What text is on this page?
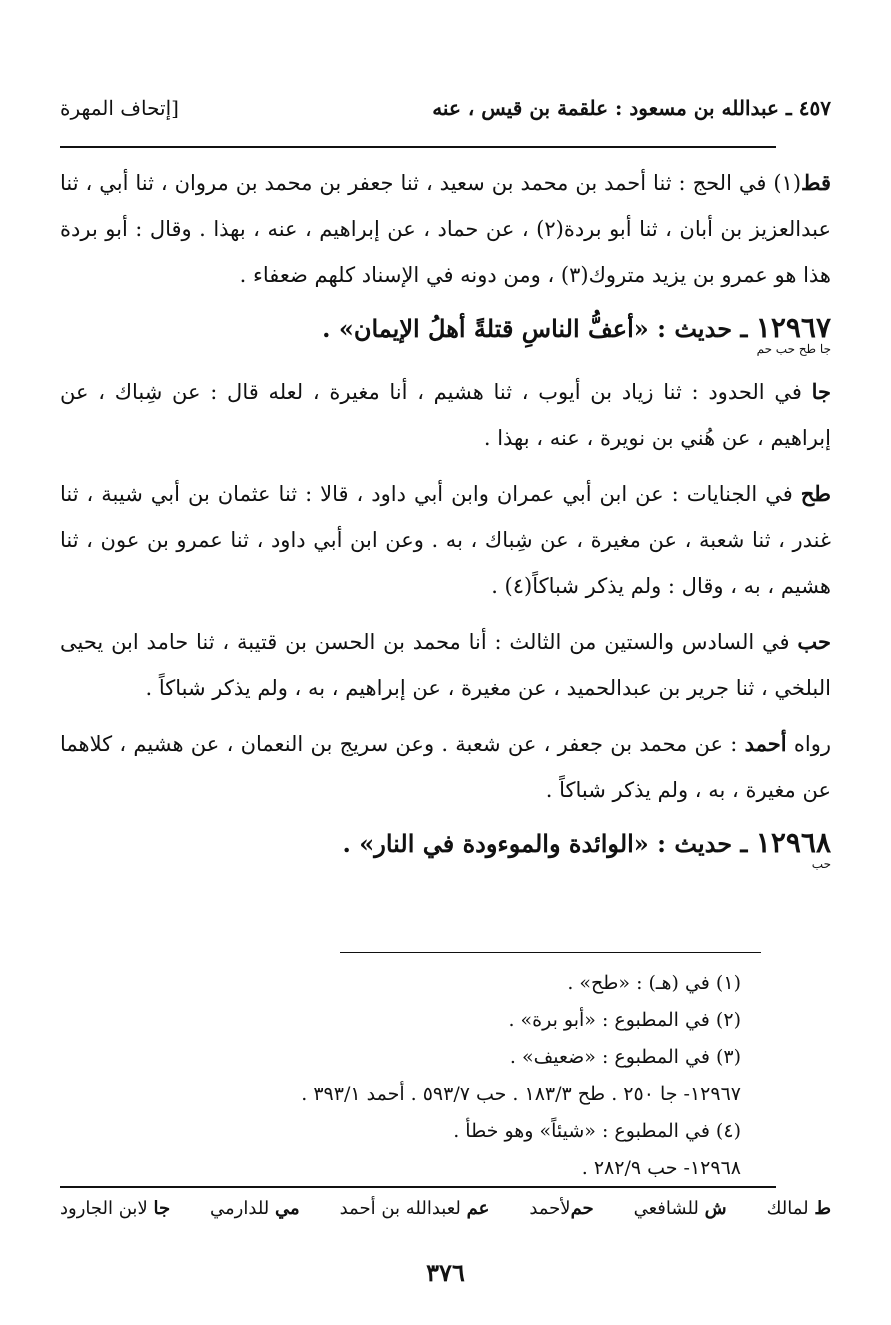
٤٥٧ ـ عبدالله بن مسعود : علقمة بن قيس ، عنه
[إتحاف المهرة

قط(١) في الحج : ثنا أحمد بن محمد بن سعيد ، ثنا جعفر بن محمد بن مروان ، ثنا أبي ، ثنا عبدالعزيز بن أبان ، ثنا أبو بردة(٢) ، عن حماد ، عن إبراهيم ، عنه ، بهذا . وقال : أبو بردة هذا هو عمرو بن يزيد متروك(٣) ، ومن دونه في الإسناد كلهم ضعفاء .

١٢٩٦٧ ـ حديث : «أعفُّ الناسِ قتلةً أهلُ الإيمان» .
جا طح حب حم

جا في الحدود : ثنا زياد بن أيوب ، ثنا هشيم ، أنا مغيرة ، لعله قال : عن شِباك ، عن إبراهيم ، عن هُني بن نويرة ، عنه ، بهذا .

طح في الجنايات : عن ابن أبي عمران وابن أبي داود ، قالا : ثنا عثمان بن أبي شيبة ، ثنا غندر ، ثنا شعبة ، عن مغيرة ، عن شِباك ، به . وعن ابن أبي داود ، ثنا عمرو بن عون ، ثنا هشيم ، به ، وقال : ولم يذكر شباكاً(٤) .

حب في السادس والستين من الثالث : أنا محمد بن الحسن بن قتيبة ، ثنا حامد ابن يحيى البلخي ، ثنا جرير بن عبدالحميد ، عن مغيرة ، عن إبراهيم ، به ، ولم يذكر شباكاً .

رواه أحمد : عن محمد بن جعفر ، عن شعبة . وعن سريج بن النعمان ، عن هشيم ، كلاهما عن مغيرة ، به ، ولم يذكر شباكاً .

١٢٩٦٨ ـ حديث : «الوائدة والموءودة في النار» .
حب
(١) في (هـ) : «طح» .
(٢) في المطبوع : «أبو برة» .
(٣) في المطبوع : «ضعيف» .
١٢٩٦٧- جا ٢٥٠ . طح ١٨٣/٣ . حب ٥٩٣/٧ . أحمد ٣٩٣/١ .
(٤) في المطبوع : «شيئاً» وهو خطأ .
١٢٩٦٨- حب ٢٨٢/٩ .
ط لمالك
ش للشافعي
حملأحمد
عم لعبدالله بن أحمد
مي للدارمي
جا لابن الجارود
٣٧٦
